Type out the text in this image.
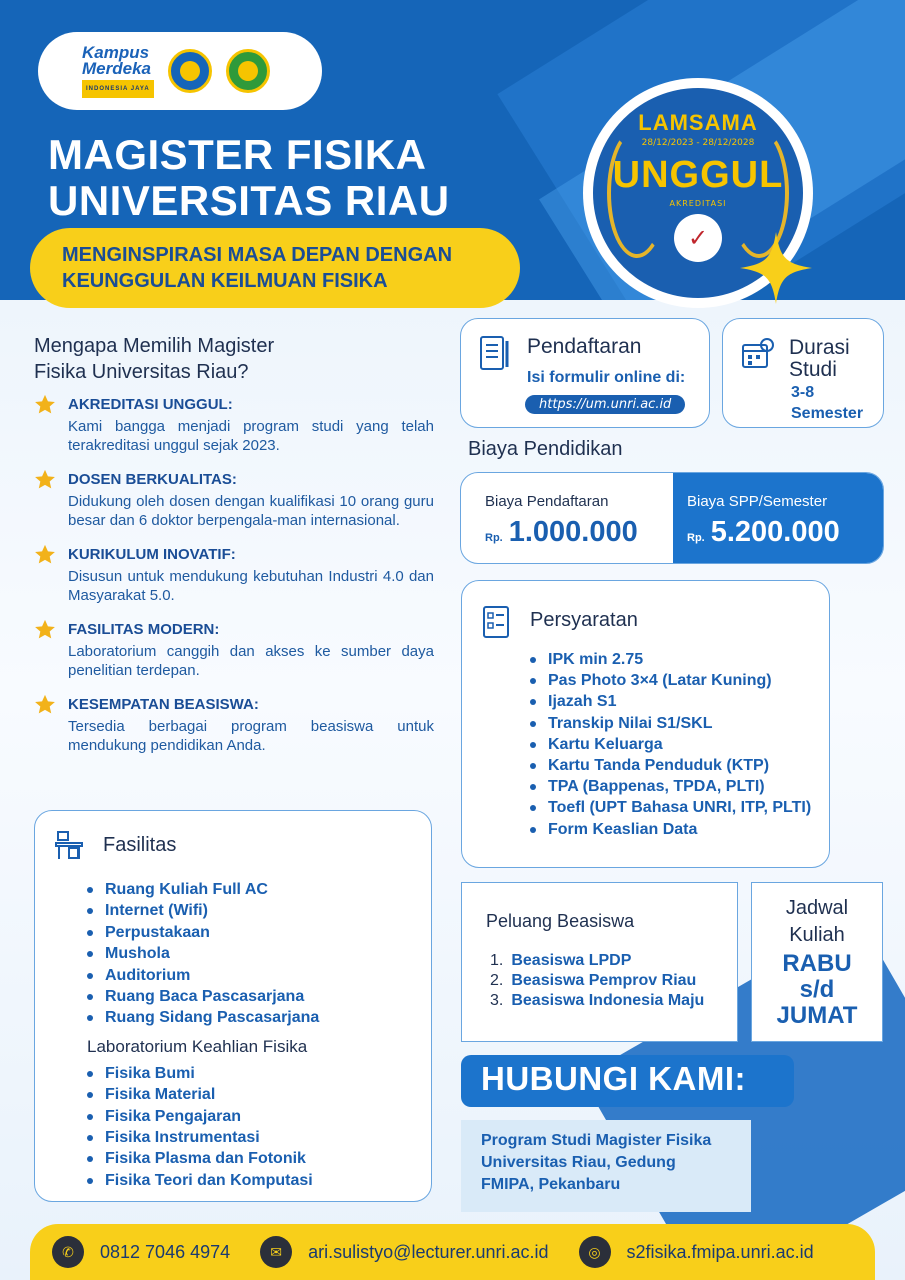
Kampus
Merdeka
INDONESIA JAYA
MAGISTER FISIKA
UNIVERSITAS RIAU
MENGINSPIRASI MASA DEPAN DENGAN
KEUNGGULAN KEILMUAN FISIKA
LAMSAMA
28/12/2023 - 28/12/2028
UNGGUL
AKREDITASI
✓
Mengapa Memilih Magister
Fisika Universitas Riau?
AKREDITASI UNGGUL:
Kami bangga menjadi program studi yang telah terakreditasi unggul sejak 2023.
DOSEN BERKUALITAS:
Didukung oleh dosen dengan kualifikasi 10 orang guru besar dan 6 doktor berpengala-man internasional.
KURIKULUM INOVATIF:
Disusun untuk mendukung kebutuhan Industri 4.0 dan Masyarakat 5.0.
FASILITAS MODERN:
Laboratorium canggih dan akses ke sumber daya penelitian terdepan.
KESEMPATAN BEASISWA:
Tersedia berbagai program beasiswa untuk mendukung pendidikan Anda.
Fasilitas
Ruang Kuliah Full AC
Internet (Wifi)
Perpustakaan
Mushola
Auditorium
Ruang Baca Pascasarjana
Ruang Sidang Pascasarjana
Laboratorium Keahlian Fisika
Fisika Bumi
Fisika Material
Fisika Pengajaran
Fisika Instrumentasi
Fisika Plasma dan Fotonik
Fisika Teori dan Komputasi
Pendaftaran
Isi formulir online di:
https://um.unri.ac.id
Durasi
Studi
3-8
Semester
Biaya Pendidikan
Biaya Pendaftaran
Rp. 1.000.000
Biaya SPP/Semester
Rp. 5.200.000
Persyaratan
IPK min 2.75
Pas Photo 3×4 (Latar Kuning)
Ijazah S1
Transkip Nilai S1/SKL
Kartu Keluarga
Kartu Tanda Penduduk (KTP)
TPA (Bappenas, TPDA, PLTI)
Toefl (UPT Bahasa UNRI, ITP, PLTI)
Form Keaslian Data
Peluang Beasiswa
1. Beasiswa LPDP
2. Beasiswa Pemprov Riau
3. Beasiswa Indonesia Maju
Jadwal
Kuliah
RABU
s/d
JUMAT
HUBUNGI KAMI:
Program Studi Magister Fisika
Universitas Riau, Gedung
FMIPA, Pekanbaru
✆	0812 7046 4974	✉	ari.sulistyo@lecturer.unri.ac.id	◎	s2fisika.fmipa.unri.ac.id
